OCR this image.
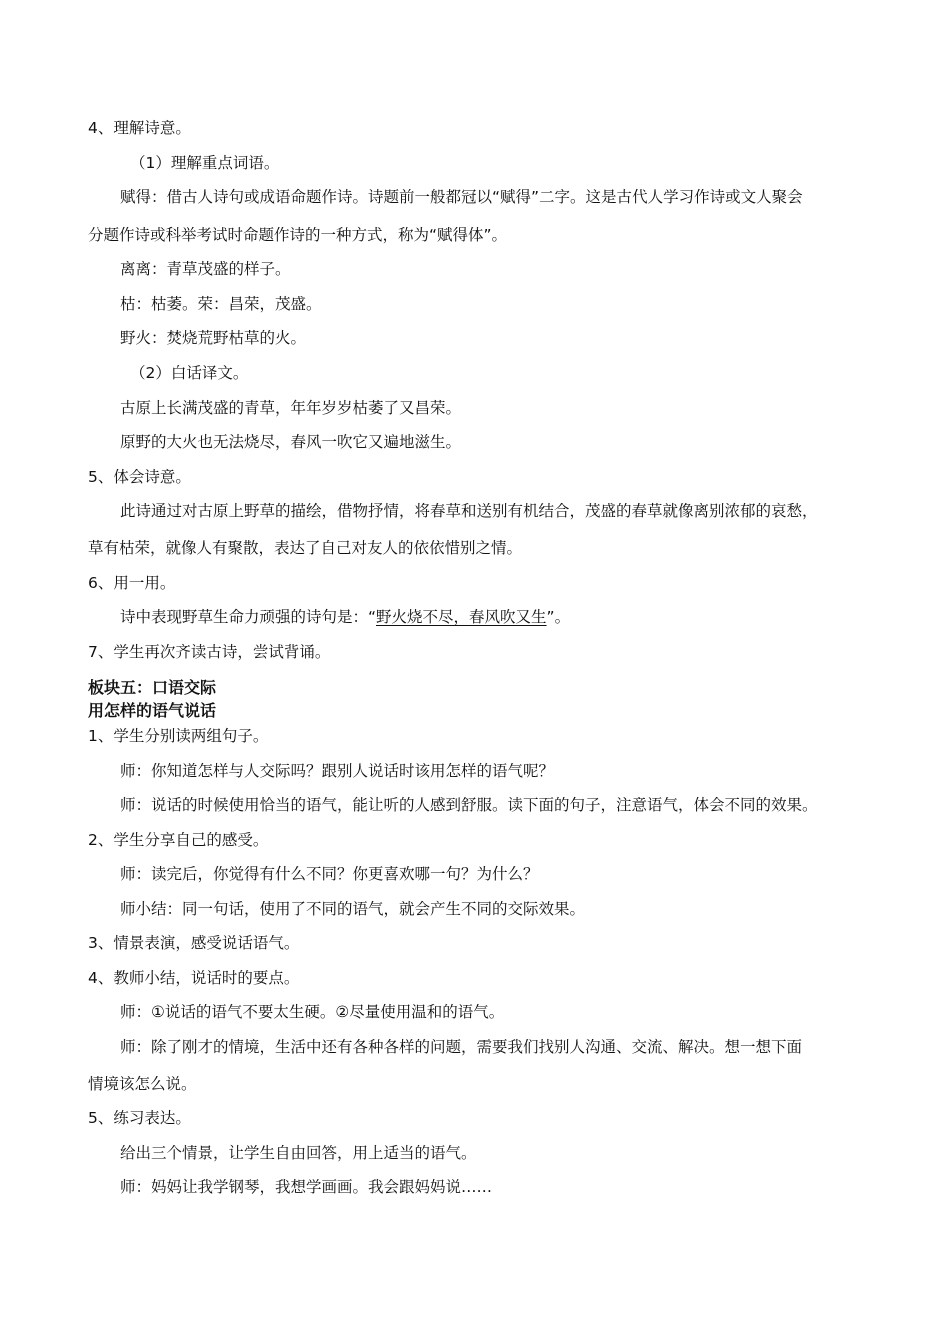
4、理解诗意。
（1）理解重点词语。
赋得：借古人诗句或成语命题作诗。诗题前一般都冠以“赋得”二字。这是古代人学习作诗或文人聚会
分题作诗或科举考试时命题作诗的一种方式，称为“赋得体”。
离离：青草茂盛的样子。
枯：枯萎。荣：昌荣，茂盛。
野火：焚烧荒野枯草的火。
（2）白话译文。
古原上长满茂盛的青草，年年岁岁枯萎了又昌荣。
原野的大火也无法烧尽，春风一吹它又遍地滋生。
5、体会诗意。
此诗通过对古原上野草的描绘，借物抒情，将春草和送别有机结合，茂盛的春草就像离别浓郁的哀愁，
草有枯荣，就像人有聚散，表达了自己对友人的依依惜别之情。
6、用一用。
诗中表现野草生命力顽强的诗句是：“野火烧不尽，春风吹又生”。
7、学生再次齐读古诗，尝试背诵。
板块五：口语交际
用怎样的语气说话
1、学生分别读两组句子。
师：你知道怎样与人交际吗？跟别人说话时该用怎样的语气呢？
师：说话的时候使用恰当的语气，能让听的人感到舒服。读下面的句子，注意语气，体会不同的效果。
2、学生分享自己的感受。
师：读完后，你觉得有什么不同？你更喜欢哪一句？为什么？
师小结：同一句话，使用了不同的语气，就会产生不同的交际效果。
3、情景表演，感受说话语气。
4、教师小结，说话时的要点。
师：①说话的语气不要太生硬。②尽量使用温和的语气。
师：除了刚才的情境，生活中还有各种各样的问题，需要我们找别人沟通、交流、解决。想一想下面
情境该怎么说。
5、练习表达。
给出三个情景，让学生自由回答，用上适当的语气。
师：妈妈让我学钢琴，我想学画画。我会跟妈妈说……
